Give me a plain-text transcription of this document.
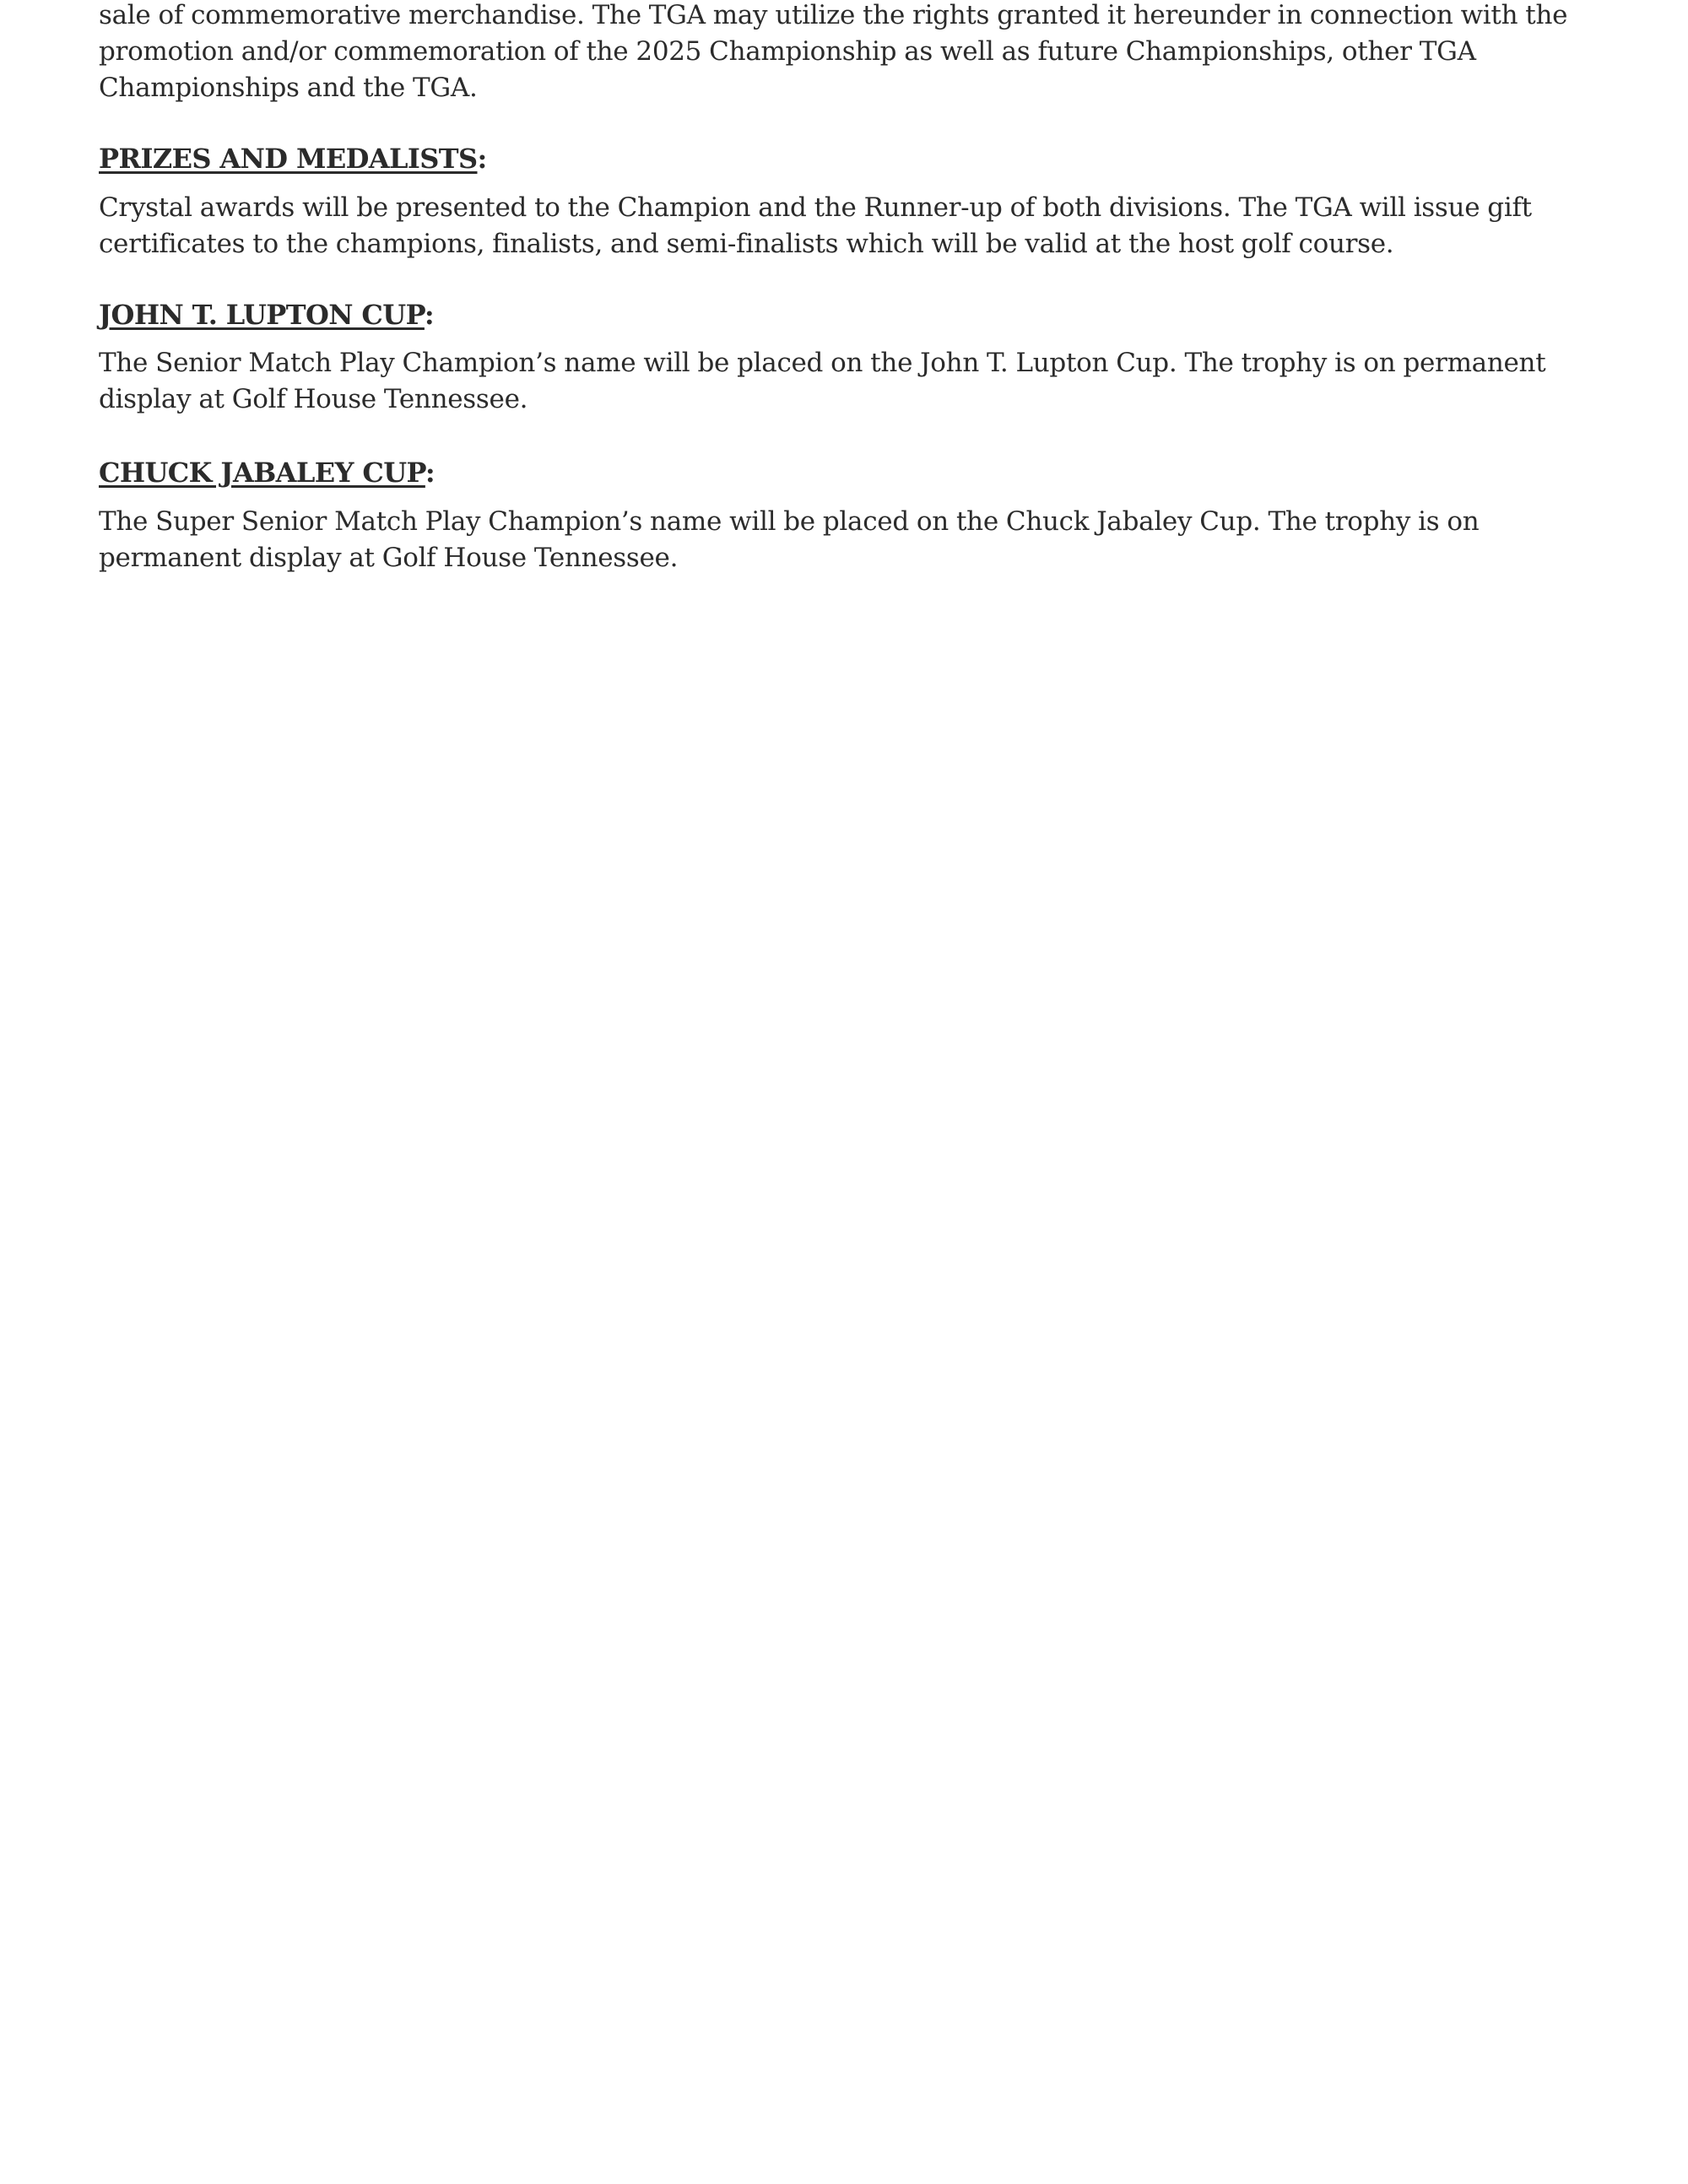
sale of commemorative merchandise. The TGA may utilize the rights granted it hereunder in connection with the promotion and/or commemoration of the 2025 Championship as well as future Championships, other TGA Championships and the TGA.

PRIZES AND MEDALISTS:

Crystal awards will be presented to the Champion and the Runner-up of both divisions. The TGA will issue gift certificates to the champions, finalists, and semi-finalists which will be valid at the host golf course.

JOHN T. LUPTON CUP:

The Senior Match Play Champion’s name will be placed on the John T. Lupton Cup. The trophy is on permanent display at Golf House Tennessee.

CHUCK JABALEY CUP:

The Super Senior Match Play Champion’s name will be placed on the Chuck Jabaley Cup. The trophy is on permanent display at Golf House Tennessee.
